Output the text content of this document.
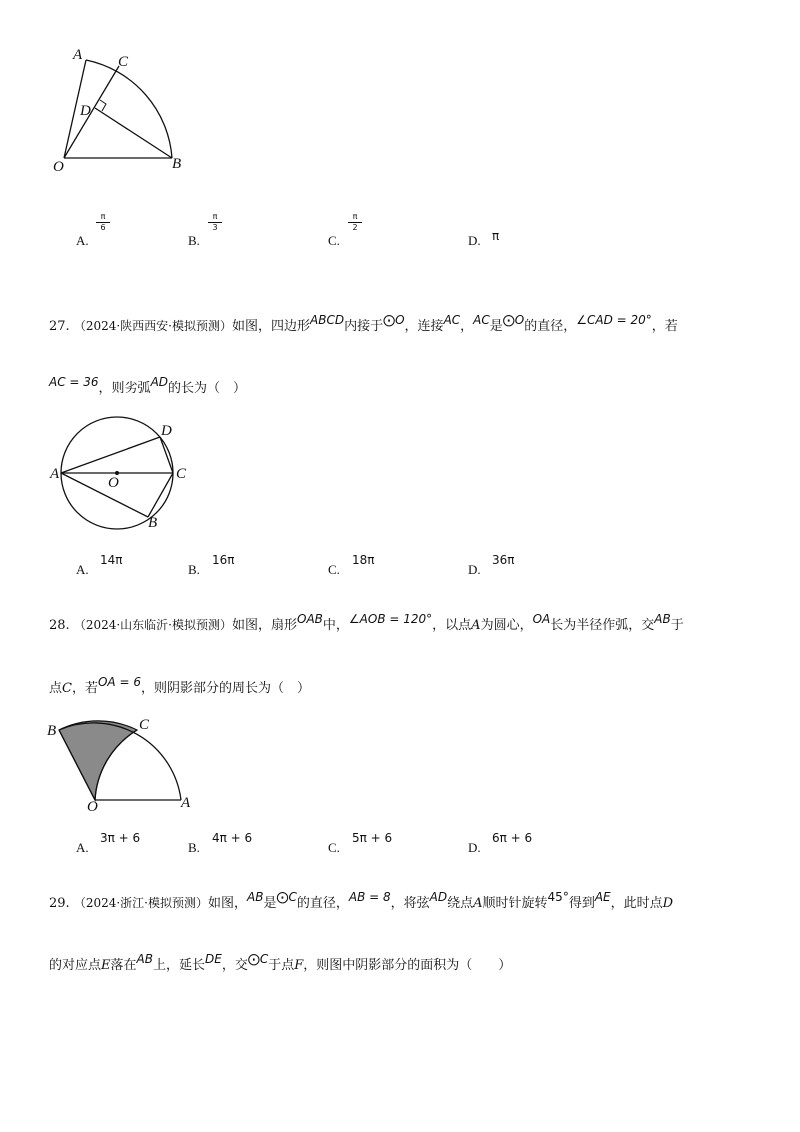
A C
D
O	B
A.
$\frac{\pi}{6}$
B.
$\frac{\pi}{3}$
C.
$\frac{\pi}{2}$
D. π
27. （2024·陕西西安·模拟预测）如图，四边形ABCD内接于⨀O，连接AC，AC是⨀O的直径，∠CAD = 20°，若
AC = 36，则劣弧AD的长为（　）
A
O
D
C
B
A.
14π
B.
16π
C.
18π
D.
36π
28. （2024·山东临沂·模拟预测）如图，扇形OAB中，∠AOB = 120°，以点A为圆心，OA长为半径作弧，交AB于
点C，若OA = 6，则阴影部分的周长为（　）
B	C
O	A
A.
3π + 6
B.
4π + 6
C.
5π + 6
D.
6π + 6
29. （2024·浙江·模拟预测）如图，AB是⨀C的直径，AB = 8，将弦AD绕点A顺时针旋转45°得到AE，此时点D
的对应点E落在AB上，延长DE，交⨀C于点F，则图中阴影部分的面积为（　　）
